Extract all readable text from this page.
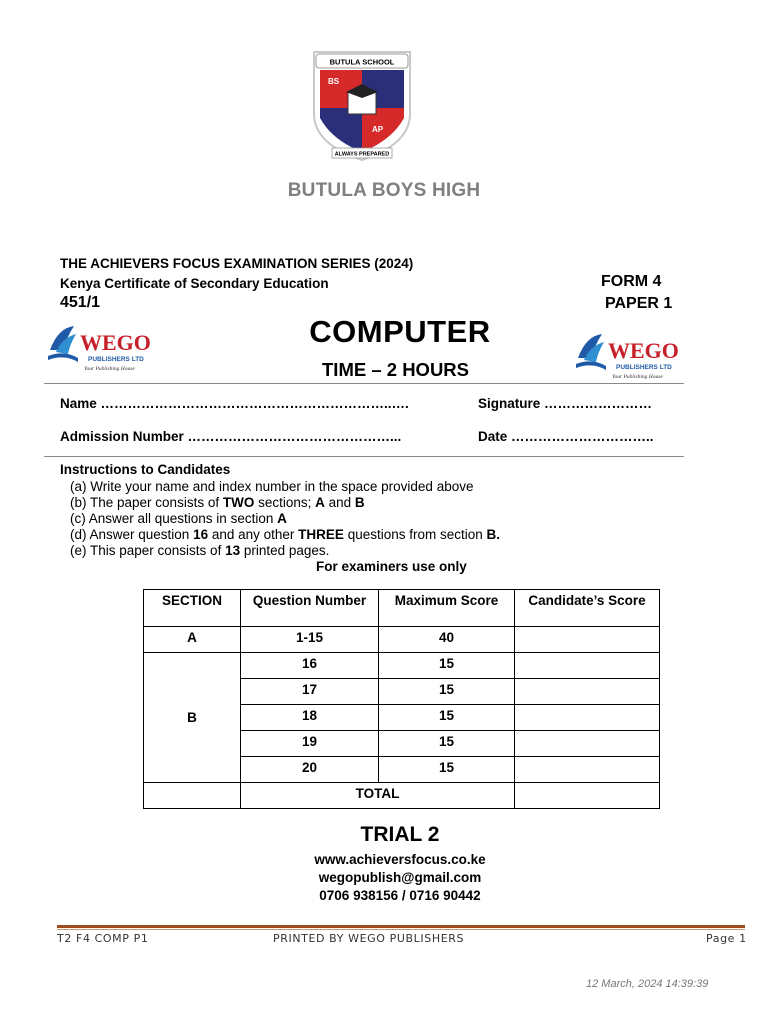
BUTULA SCHOOL
BS
AP
ALWAYS PREPARED
BUTULA BOYS HIGH
THE ACHIEVERS FOCUS EXAMINATION SERIES (2024)
Kenya Certificate of Secondary Education
451/1
FORM 4
PAPER 1
COMPUTER
TIME – 2 HOURS
WEGO
PUBLISHERS LTD
Your Publishing House
WEGO
PUBLISHERS LTD
Your Publishing House
Name ………………………………………………………..….	Signature ……………………
Admission Number ………………………………………...	Date …………………………..
Instructions to Candidates
(a) Write your name and index number in the space provided above
(b) The paper consists of TWO sections; A and B
(c) Answer all questions in section A
(d) Answer question 16 and any other THREE questions from section B.
(e) This paper consists of 13 printed pages.
For examiners use only
SECTION	Question Number	Maximum Score	Candidate’s Score
A	1-15	40	
B	16	15	
	17	15	
	18	15	
	19	15	
	20	15	
	TOTAL		
TRIAL 2
www.achieversfocus.co.ke
wegopublish@gmail.com
0706 938156 / 0716 90442
T2 F4 COMP P1	PRINTED BY WEGO PUBLISHERS	Page 1
12 March, 2024 14:39:39
